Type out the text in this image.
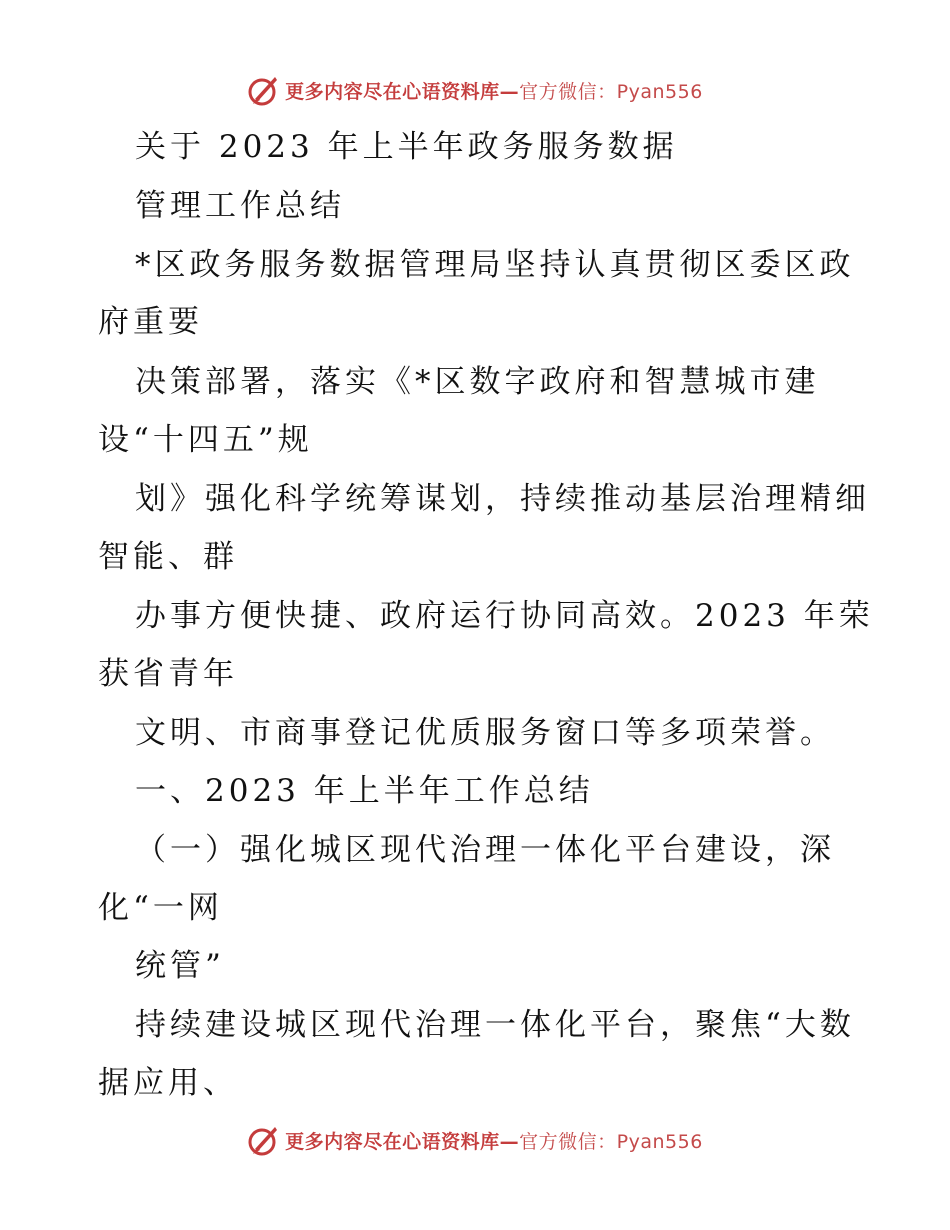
更多内容尽在心语资料库—官方微信：Pyan556
关于 2023 年上半年政务服务数据
管理工作总结
*区政务服务数据管理局坚持认真贯彻区委区政
府重要
决策部署，落实《*区数字政府和智慧城市建
设“十四五”规
划》强化科学统筹谋划，持续推动基层治理精细
智能、群
办事方便快捷、政府运行协同高效。2023 年荣
获省青年
文明、市商事登记优质服务窗口等多项荣誉。
一、2023 年上半年工作总结
（一）强化城区现代治理一体化平台建设，深
化“一网
统管”
持续建设城区现代治理一体化平台，聚焦“大数
据应用、
更多内容尽在心语资料库—官方微信：Pyan556
